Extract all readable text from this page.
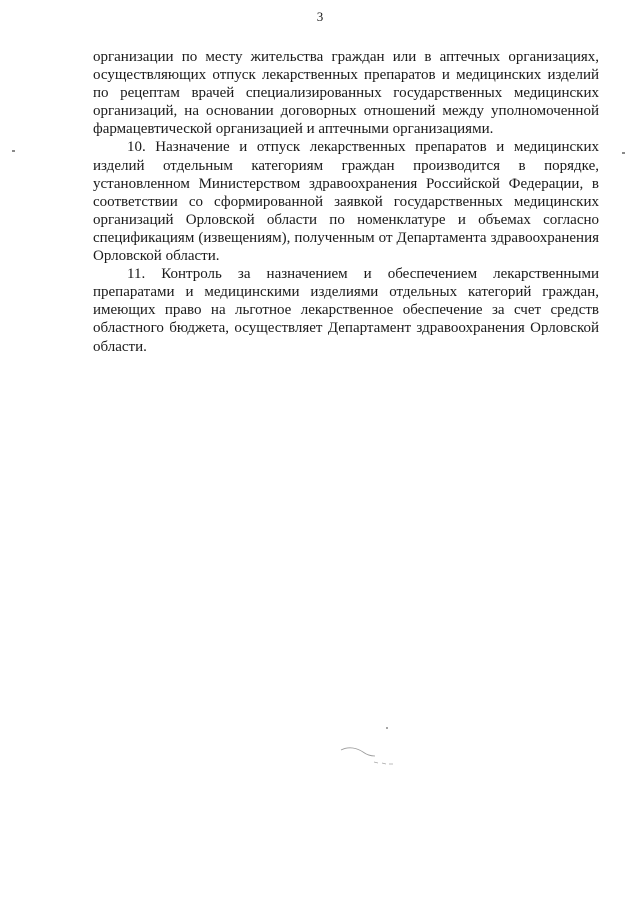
3

организации по месту жительства граждан или в аптечных организациях, осуществляющих отпуск лекарственных препаратов и медицинских изделий по рецептам врачей специализированных государственных медицинских организаций, на основании договорных отношений между уполномоченной фармацевтической организацией и аптечными организациями.

10. Назначение и отпуск лекарственных препаратов и медицинских изделий отдельным категориям граждан производится в порядке, установленном Министерством здравоохранения Российской Федерации, в соответствии со сформированной заявкой государственных медицинских организаций Орловской области по номенклатуре и объемах согласно спецификациям (извещениям), полученным от Департамента здравоохранения Орловской области.

11. Контроль за назначением и обеспечением лекарственными препаратами и медицинскими изделиями отдельных категорий граждан, имеющих право на льготное лекарственное обеспечение за счет средств областного бюджета, осуществляет Департамент здравоохранения Орловской области.
